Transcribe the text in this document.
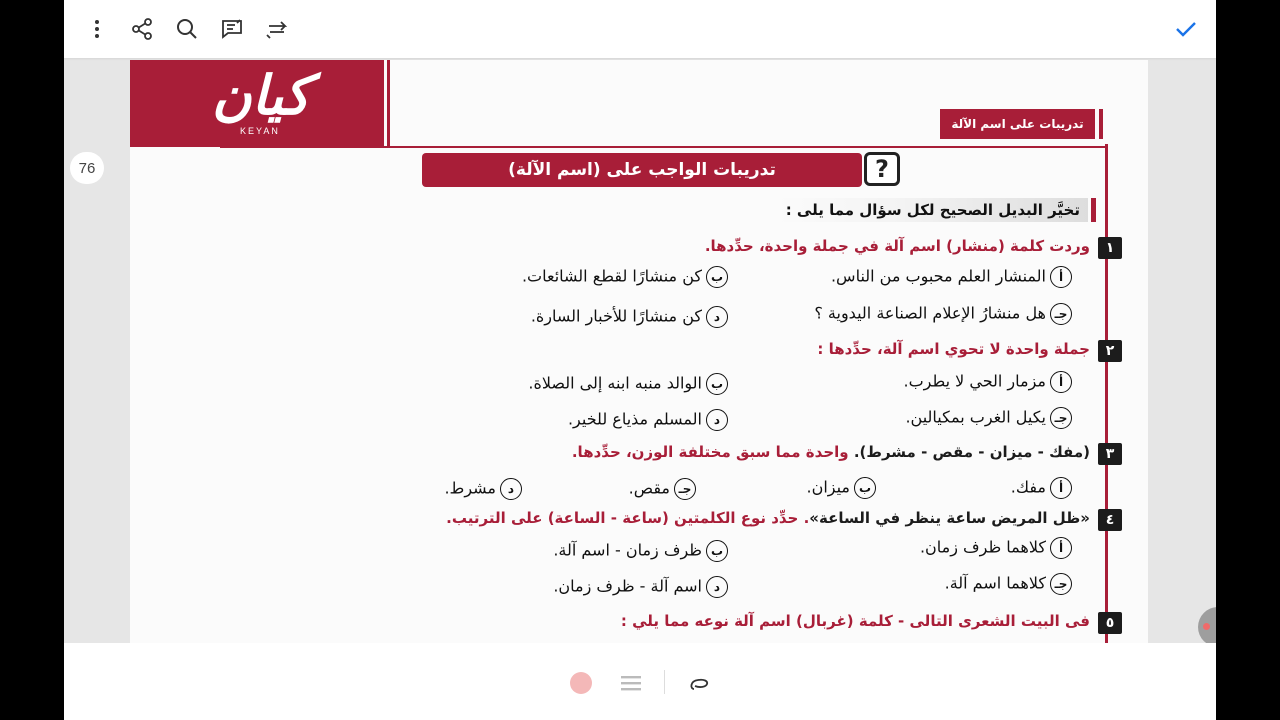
76
كيان
KEYAN	تدريبات على اسم الآلة
تدريبات الواجب على (اسم الآلة)	?
تخيَّر البديل الصحيح لكل سؤال مما يلى :
١
وردت كلمة (منشار) اسم آلة في جملة واحدة، حدِّدها.
أالمنشار العلم محبوب من الناس.
بكن منشارًا لقطع الشائعات.
جـهل منشارُ الإعلام الصناعة اليدوية ؟
دكن منشارًا للأخبار السارة.
٢
جملة واحدة لا تحوي اسم آلة، حدِّدها :
أمزمار الحي لا يطرب.
بالوالد منبه ابنه إلى الصلاة.
جـيكيل الغرب بمكيالين.
دالمسلم مذياع للخير.
٣
(مفك - ميزان - مقص - مشرط). واحدة مما سبق مختلفة الوزن، حدِّدها.
أمفك.
بميزان.
جـمقص.
دمشرط.
٤
«ظل المريض ساعة ينظر في الساعة». حدِّد نوع الكلمتين (ساعة - الساعة) على الترتيب.
أكلاهما ظرف زمان.
بظرف زمان - اسم آلة.
جـكلاهما اسم آلة.
داسم آلة - ظرف زمان.
٥
فى البيت الشعرى التالى - كلمة (غربال) اسم آلة نوعه مما يلي :
